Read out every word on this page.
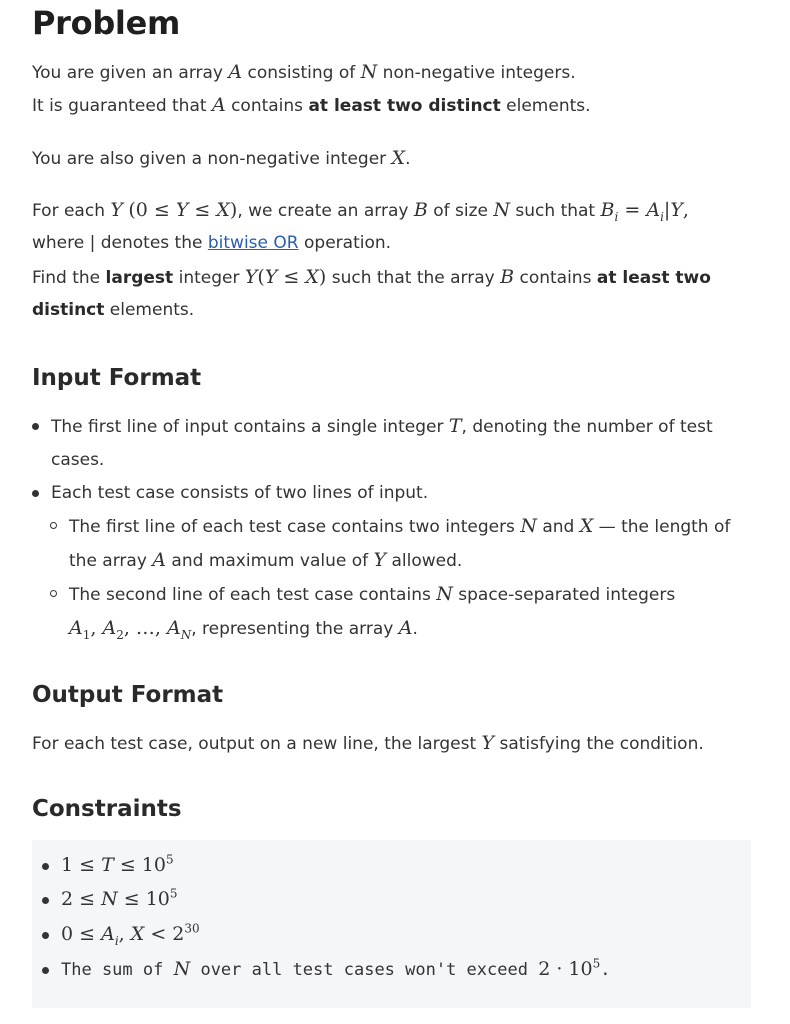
Problem
You are given an array A consisting of N non-negative integers.
It is guaranteed that A contains at least two distinct elements.
You are also given a non-negative integer X.
For each Y (0 ≤ Y ≤ X), we create an array B of size N such that $B_i = A_i|Y$,
where | denotes the bitwise OR operation.
Find the largest integer Y(Y ≤ X) such that the array B contains at least two
distinct elements.
Input Format
The first line of input contains a single integer T, denoting the number of test
cases.
Each test case consists of two lines of input.
The first line of each test case contains two integers N and X — the length of
the array A and maximum value of Y allowed.
The second line of each test case contains N space-separated integers
$A_1$, $A_2$, …, $A_N$, representing the array A.
Output Format
For each test case, output on a new line, the largest Y satisfying the condition.
Constraints
$1 \le T \le 10^5$
$2 \le N \le 10^5$
$0 \le A_i$, $X < 2^{30}$
The sum of N over all test cases won't exceed $2 \cdot 10^5$.
